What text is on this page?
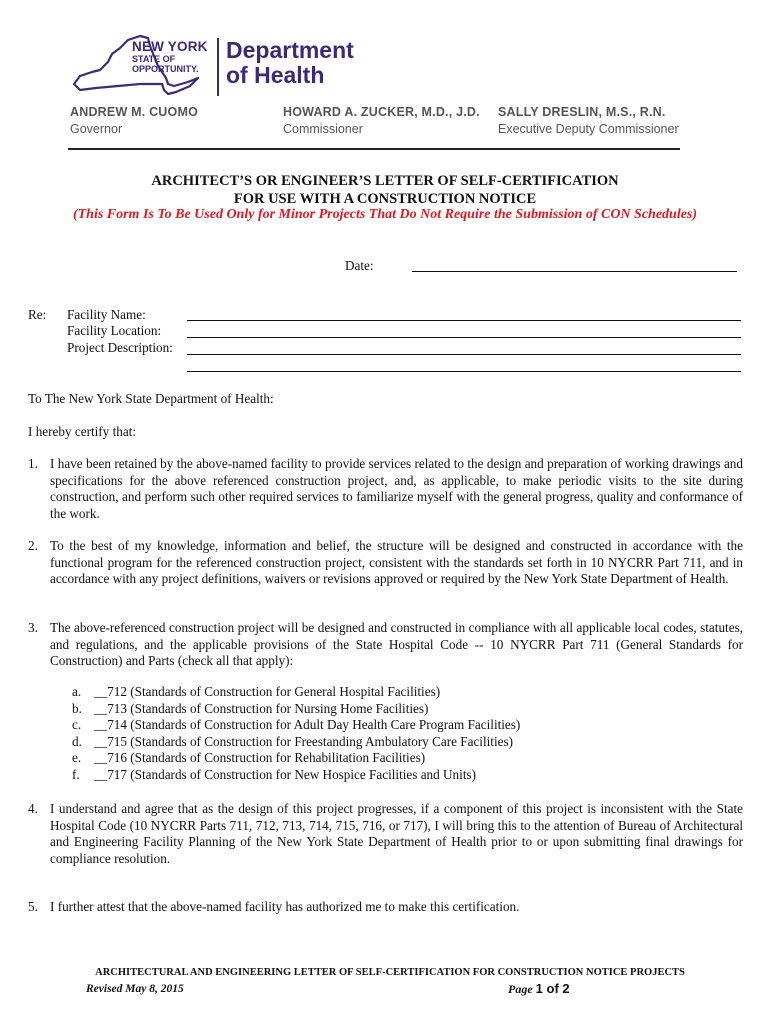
NEW YORK
STATE OF
OPPORTUNITY.
Department
of Health
ANDREW M. CUOMO
Governor
HOWARD A. ZUCKER, M.D., J.D.
Commissioner
SALLY DRESLIN, M.S., R.N.
Executive Deputy Commissioner
ARCHITECT’S OR ENGINEER’S LETTER OF SELF-CERTIFICATION
FOR USE WITH A CONSTRUCTION NOTICE
(This Form Is To Be Used Only for Minor Projects That Do Not Require the Submission of CON Schedules)
Date:
Re: Facility Name:
Facility Location:
Project Description:
To The New York State Department of Health:
I hereby certify that:
1. I have been retained by the above-named facility to provide services related to the design and preparation of working drawings and specifications for the above referenced construction project, and, as applicable, to make periodic visits to the site during construction, and perform such other required services to familiarize myself with the general progress, quality and conformance of the work.
2. To the best of my knowledge, information and belief, the structure will be designed and constructed in accordance with the functional program for the referenced construction project, consistent with the standards set forth in 10 NYCRR Part 711, and in accordance with any project definitions, waivers or revisions approved or required by the New York State Department of Health.
3. The above-referenced construction project will be designed and constructed in compliance with all applicable local codes, statutes, and regulations, and the applicable provisions of the State Hospital Code -- 10 NYCRR Part 711 (General Standards for Construction) and Parts (check all that apply):
a. __712 (Standards of Construction for General Hospital Facilities)
b. __713 (Standards of Construction for Nursing Home Facilities)
c. __714 (Standards of Construction for Adult Day Health Care Program Facilities)
d. __715 (Standards of Construction for Freestanding Ambulatory Care Facilities)
e. __716 (Standards of Construction for Rehabilitation Facilities)
f.	__717 (Standards of Construction for New Hospice Facilities and Units)
4. I understand and agree that as the design of this project progresses, if a component of this project is inconsistent with the State Hospital Code (10 NYCRR Parts 711, 712, 713, 714, 715, 716, or 717), I will bring this to the attention of Bureau of Architectural and Engineering Facility Planning of the New York State Department of Health prior to or upon submitting final drawings for compliance resolution.
5. I further attest that the above-named facility has authorized me to make this certification.
ARCHITECTURAL AND ENGINEERING LETTER OF SELF-CERTIFICATION FOR CONSTRUCTION NOTICE PROJECTS
Revised May 8, 2015	Page 1 of 2
